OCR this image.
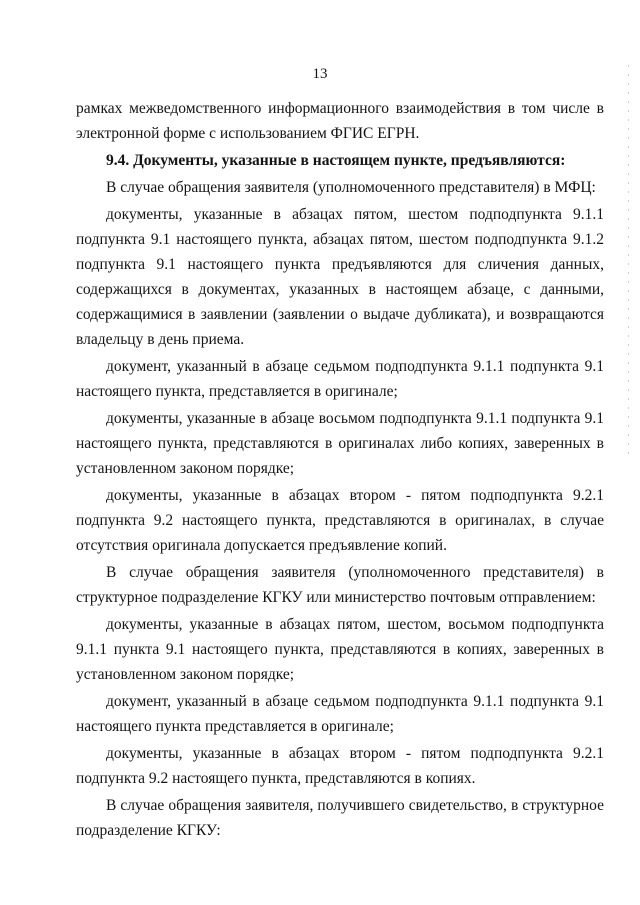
13

рамках межведомственного информационного взаимодействия в том числе в электронной форме с использованием ФГИС ЕГРН.

9.4. Документы, указанные в настоящем пункте, предъявляются:

В случае обращения заявителя (уполномоченного представителя) в МФЦ:

документы, указанные в абзацах пятом, шестом подподпункта 9.1.1 подпункта 9.1 настоящего пункта, абзацах пятом, шестом подподпункта 9.1.2 подпункта 9.1 настоящего пункта предъявляются для сличения данных, содержащихся в документах, указанных в настоящем абзаце, с данными, содержащимися в заявлении (заявлении о выдаче дубликата), и возвращаются владельцу в день приема.

документ, указанный в абзаце седьмом подподпункта 9.1.1 подпункта 9.1 настоящего пункта, представляется в оригинале;

документы, указанные в абзаце восьмом подподпункта 9.1.1 подпункта 9.1 настоящего пункта, представляются в оригиналах либо копиях, заверенных в установленном законом порядке;

документы, указанные в абзацах втором - пятом подподпункта 9.2.1 подпункта 9.2 настоящего пункта, представляются в оригиналах, в случае отсутствия оригинала допускается предъявление копий.

В случае обращения заявителя (уполномоченного представителя) в структурное подразделение КГКУ или министерство почтовым отправлением:

документы, указанные в абзацах пятом, шестом, восьмом подподпункта 9.1.1 пункта 9.1 настоящего пункта, представляются в копиях, заверенных в установленном законом порядке;

документ, указанный в абзаце седьмом подподпункта 9.1.1 подпункта 9.1 настоящего пункта представляется в оригинале;

документы, указанные в абзацах втором - пятом подподпункта 9.2.1 подпункта 9.2 настоящего пункта, представляются в копиях.

В случае обращения заявителя, получившего свидетельство, в структурное подразделение КГКУ:
